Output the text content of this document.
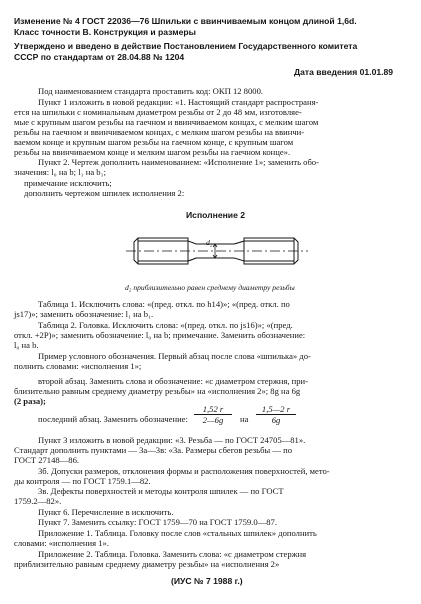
Изменение № 4 ГОСТ 22036—76 Шпильки с ввинчиваемым концом длиной 1,6d.
Класс точности В. Конструкция и размеры
Утверждено и введено в действие Постановлением Государственного комитета
СССР по стандартам от 28.04.88 № 1204
Дата введения 01.01.89
Под наименованием стандарта проставить код: ОКП 12 8000.
Пункт 1 изложить в новой редакции: «1. Настоящий стандарт распространя-
ется на шпильки с номинальным диаметром резьбы от 2 до 48 мм, изготовляе-
мые с крупным шагом резьбы на гаечном и ввинчиваемом концах, с мелким шагом
резьбы на гаечном и ввинчиваемом концах, с мелким шагом резьбы на ввинчи-
ваемом конце и крупным шагом резьбы на гаечном конце, с крупным шагом
резьбы на ввинчиваемом конце и мелким шагом резьбы на гаечном конце».
Пункт 2. Чертеж дополнить наименованием: «Исполнение 1»; заменить обо-
значения: l₀ на b; l₁ на b₁;
примечание исключить;
дополнить чертежом шпилек исполнения 2:
Исполнение 2
d₂
d₂ приблизительно равен среднему диаметру резьбы
Таблица 1. Исключить слова: «(пред. откл. по h14)»; «(пред. откл. по
js17)»; заменить обозначение: l₁ на b₁.
Таблица 2. Головка. Исключить слова: «(пред. откл. по js16)»; «(пред.
откл. +2P)»; заменить обозначение: l₀ на b; примечание. Заменить обозначение:
l₀ на b.
Пример условного обозначения. Первый абзац после слова «шпилька» до-
полнить словами: «исполнения 1»;
второй абзац. Заменить слова и обозначение: «с диаметром стержня, при-
близительно равным среднему диаметру резьбы» на «исполнения 2»; 8g на 6g
(2 раза);
последний абзац. Заменить обозначение: $\frac{1,52 r}{2—6g}$ на $\frac{1,5—2 r}{6g}$
Пункт 3 изложить в новой редакции: «3. Резьба — по ГОСТ 24705—81».
Стандарт дополнить пунктами — 3а—3в: «3а. Размеры сбегов резьбы — по
ГОСТ 27148—86.
3б. Допуски размеров, отклонения формы и расположения поверхностей, мето-
ды контроля — по ГОСТ 1759.1—82.
3в. Дефекты поверхностей и методы контроля шпилек — по ГОСТ
1759.2—82».
Пункт 6. Перечисление в исключить.
Пункт 7. Заменить ссылку: ГОСТ 1759—70 на ГОСТ 1759.0—87.
Приложение 1. Таблица. Головку после слов «стальных шпилек» дополнить
словами: «исполнения 1».
Приложение 2. Таблица. Головка. Заменить слова: «с диаметром стержня
приблизительно равным среднему диаметру резьбы» на «исполнения 2»
(ИУС № 7 1988 г.)
